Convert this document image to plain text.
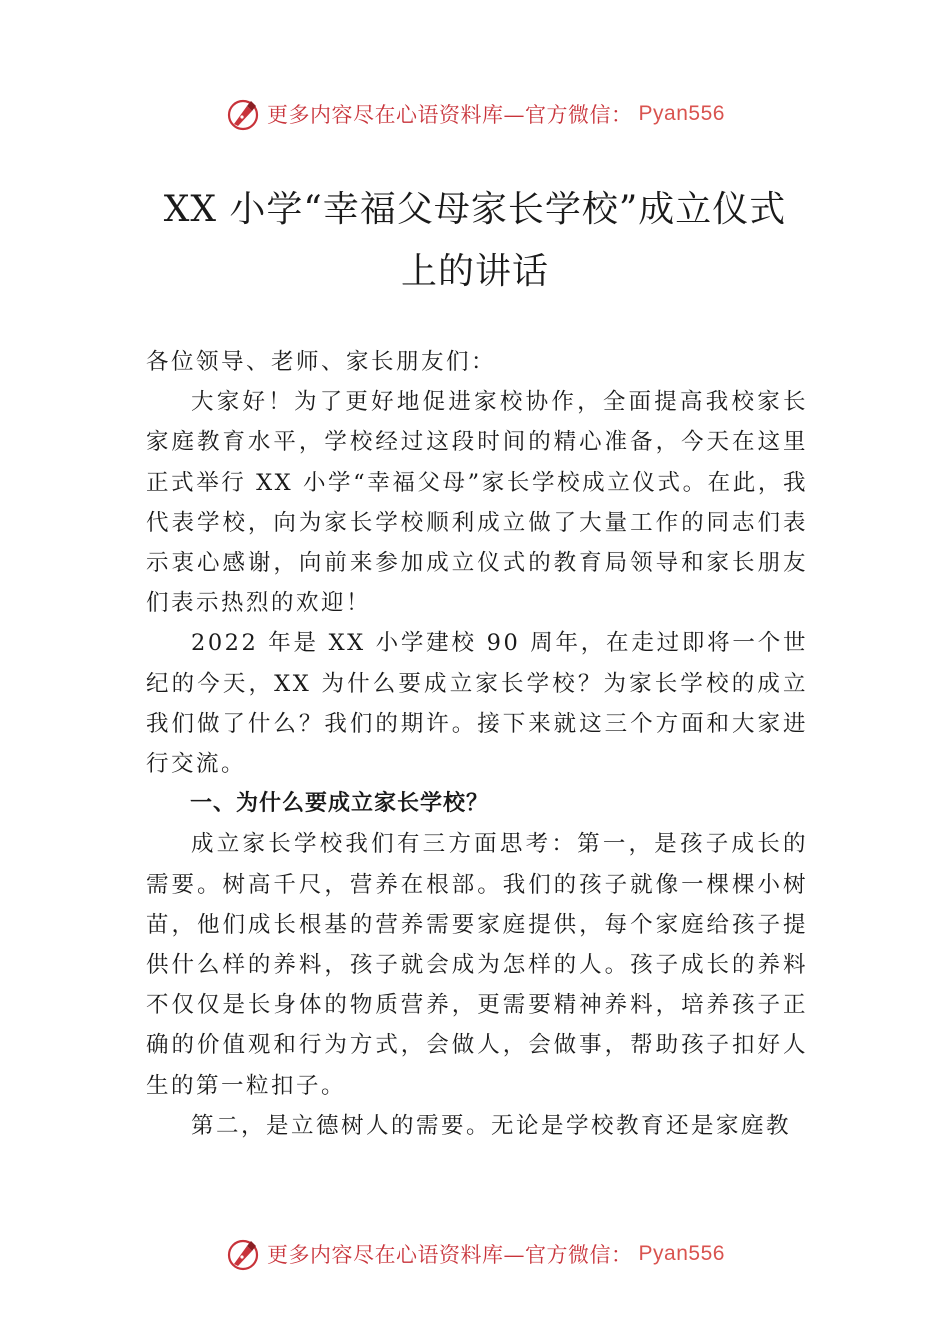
更多内容尽在心语资料库—官方微信： Pyan556
XX 小学“幸福父母家长学校”成立仪式
上的讲话

各位领导、老师、家长朋友们：

大家好！为了更好地促进家校协作，全面提高我校家长家庭教育水平，学校经过这段时间的精心准备，今天在这里正式举行 XX 小学“幸福父母”家长学校成立仪式。在此，我代表学校，向为家长学校顺利成立做了大量工作的同志们表示衷心感谢，向前来参加成立仪式的教育局领导和家长朋友们表示热烈的欢迎！

2022 年是 XX 小学建校 90 周年，在走过即将一个世纪的今天，XX 为什么要成立家长学校？为家长学校的成立我们做了什么？我们的期许。接下来就这三个方面和大家进行交流。

一、为什么要成立家长学校？

成立家长学校我们有三方面思考：第一，是孩子成长的需要。树高千尺，营养在根部。我们的孩子就像一棵棵小树苗，他们成长根基的营养需要家庭提供，每个家庭给孩子提供什么样的养料，孩子就会成为怎样的人。孩子成长的养料不仅仅是长身体的物质营养，更需要精神养料，培养孩子正确的价值观和行为方式，会做人，会做事，帮助孩子扣好人生的第一粒扣子。

第二，是立德树人的需要。无论是学校教育还是家庭教

更多内容尽在心语资料库—官方微信： Pyan556
